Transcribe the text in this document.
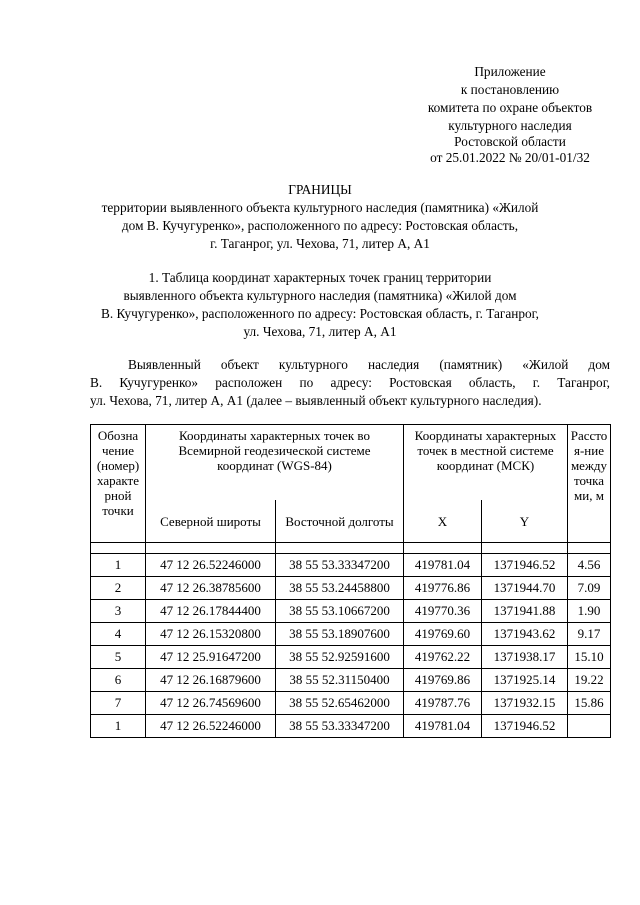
Приложение
к постановлению
комитета по охране объектов
культурного наследия
Ростовской области
от 25.01.2022 № 20/01-01/32
ГРАНИЦЫ
территории выявленного объекта культурного наследия (памятника) «Жилой
дом В. Кучугуренко», расположенного по адресу: Ростовская область,
г. Таганрог, ул. Чехова, 71, литер А, А1
1. Таблица координат характерных точек границ территории
выявленного объекта культурного наследия (памятника) «Жилой дом
В. Кучугуренко», расположенного по адресу: Ростовская область, г. Таганрог,
ул. Чехова, 71, литер А, А1
Выявленный объект культурного наследия (памятник) «Жилой дом
В. Кучугуренко» расположен по адресу: Ростовская область, г. Таганрог,
ул. Чехова, 71, литер А, А1 (далее – выявленный объект культурного наследия).
Обозна чение (номер) характе рной точки	Координаты характерных точек во Всемирной геодезической системе координат (WGS-84)		Координаты характерных точек в местной системе координат (МСК)		Рассто я-ние между точка ми, м
	Северной широты	Восточной долготы	X	Y	

1	47 12 26.52246000	38 55 53.33347200	419781.04	1371946.52	4.56
2	47 12 26.38785600	38 55 53.24458800	419776.86	1371944.70	7.09
3	47 12 26.17844400	38 55 53.10667200	419770.36	1371941.88	1.90
4	47 12 26.15320800	38 55 53.18907600	419769.60	1371943.62	9.17
5	47 12 25.91647200	38 55 52.92591600	419762.22	1371938.17	15.10
6	47 12 26.16879600	38 55 52.31150400	419769.86	1371925.14	19.22
7	47 12 26.74569600	38 55 52.65462000	419787.76	1371932.15	15.86
1	47 12 26.52246000	38 55 53.33347200	419781.04	1371946.52	
